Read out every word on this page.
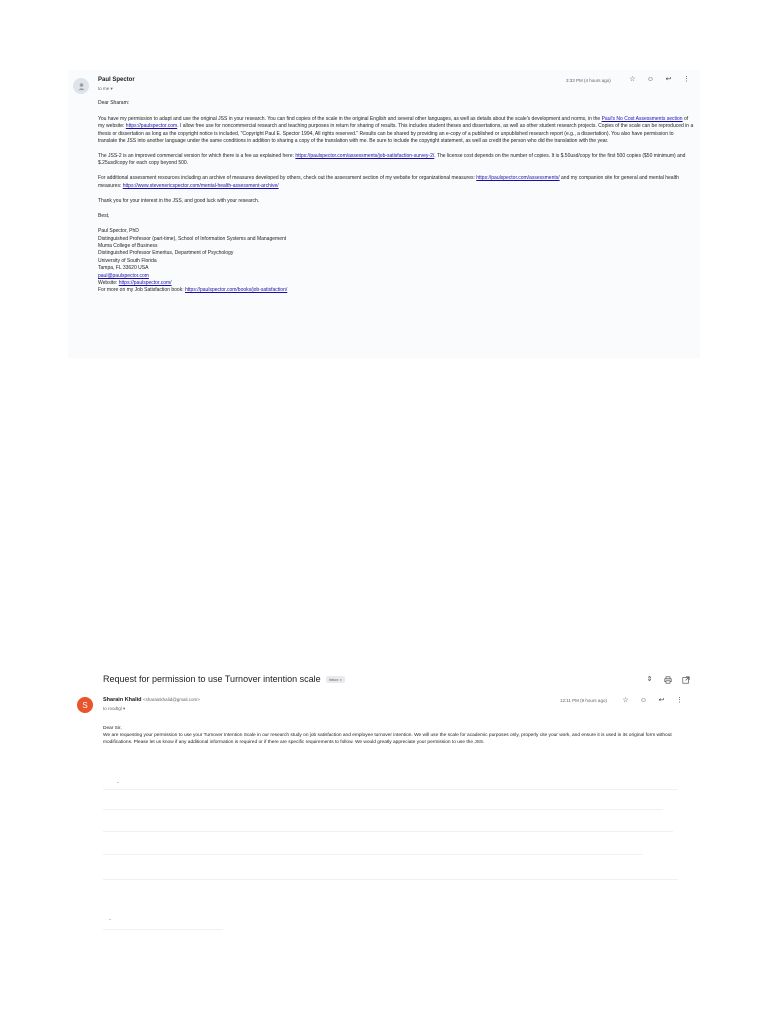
Paul Spector
to me ▾
3:33 PM (4 hours ago)	☆ ☺ ↩ ⋮

Dear Sharam:

You have my permission to adapt and use the original JSS in your research. You can find copies of the scale in the original English and several other languages, as well as details about the scale's development and norms, in the Paul's No Cost Assessments section of my website: https://paulspector.com. I allow free use for noncommercial research and teaching purposes in return for sharing of results. This includes student theses and dissertations, as well as other student research projects. Copies of the scale can be reproduced in a thesis or dissertation as long as the copyright notice is included, "Copyright Paul E. Spector 1994, All rights reserved." Results can be shared by providing an e-copy of a published or unpublished research report (e.g., a dissertation). You also have permission to translate the JSS into another language under the same conditions in addition to sharing a copy of the translation with me. Be sure to include the copyright statement, as well as credit the person who did the translation with the year.

The JSS-2 is an improved commercial version for which there is a fee as explained here: https://paulspector.com/assessments/job-satisfaction-survey-2/. The license cost depends on the number of copies. It is $.50usd/copy for the first 500 copies ($50 minimum) and $.25usd/copy for each copy beyond 500.

For additional assessment resources including an archive of measures developed by others, check out the assessment section of my website for organizational measures: https://paulspector.com/assessments/ and my companion site for general and mental health measures: https://www.stevenericspector.com/mental-health-assessment-archive/

Thank you for your interest in the JSS, and good luck with your research.

Best,

Paul Spector, PhD
Distinguished Professor (part-time), School of Information Systems and Management
Muma College of Business
Distinguished Professor Emeritus, Department of Psychology
University of South Florida
Tampa, FL 33620 USA
paul@paulspector.com
Website: https://paulspector.com/
For more on my Job Satisfaction book: https://paulspector.com/books/job-satisfaction/
Request for permission to use Turnover intention scale	Inbox ×	⇕
S
Sharain Khalid <sharainkhalid@gmail.com>
to roodtgl ▾
12:11 PM (9 hours ago) ☆ ☺ ↩ ⋮

Dear Sir,

We are requesting your permission to use your Turnover Intention Scale in our research study on job satisfaction and employee turnover intention. We will use the scale for academic purposes only, properly cite your work, and ensure it is used in its original form without modifications. Please let us know if any additional information is required or if there are specific requirements to follow. We would greatly appreciate your permission to use the JSS.
